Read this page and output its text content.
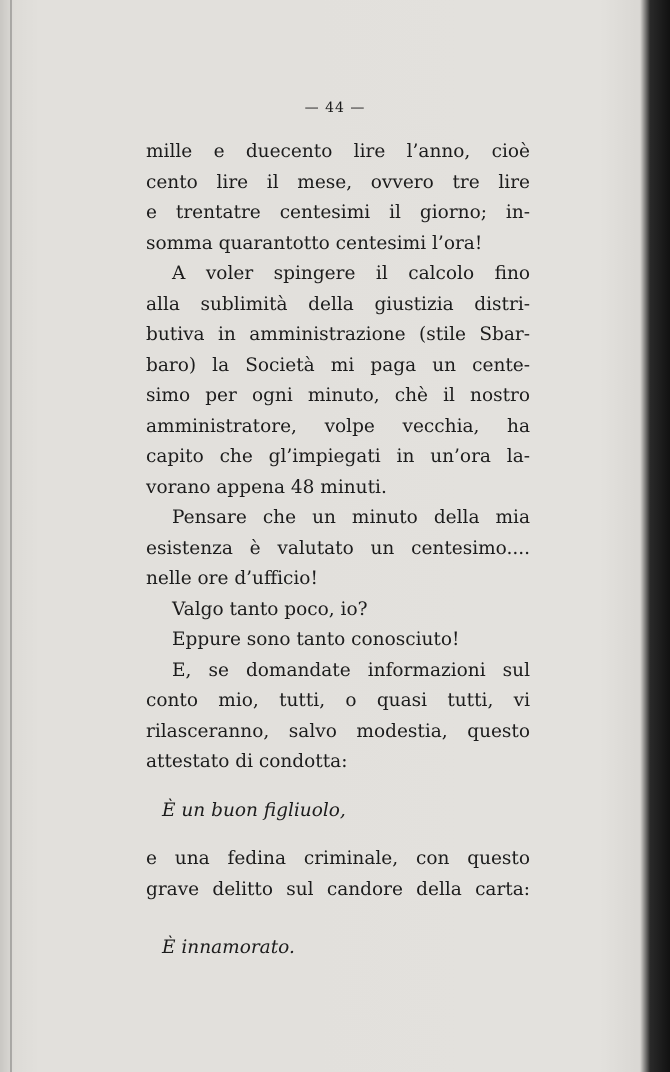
— 44 —
mille e duecento lire l’anno, cioè
cento lire il mese, ovvero tre lire
e trentatre centesimi il giorno; in-
somma quarantotto centesimi l’ora!
A voler spingere il calcolo fino
alla sublimità della giustizia distri-
butiva in amministrazione (stile Sbar-
baro) la Società mi paga un cente-
simo per ogni minuto, chè il nostro
amministratore, volpe vecchia, ha
capito che gl’impiegati in un’ora la-
vorano appena 48 minuti.
Pensare che un minuto della mia
esistenza è valutato un centesimo....
nelle ore d’ufficio!
Valgo tanto poco, io?
Eppure sono tanto conosciuto!
E, se domandate informazioni sul
conto mio, tutti, o quasi tutti, vi
rilasceranno, salvo modestia, questo
attestato di condotta:
È un buon figliuolo,
e una fedina criminale, con questo
grave delitto sul candore della carta:
È innamorato.
